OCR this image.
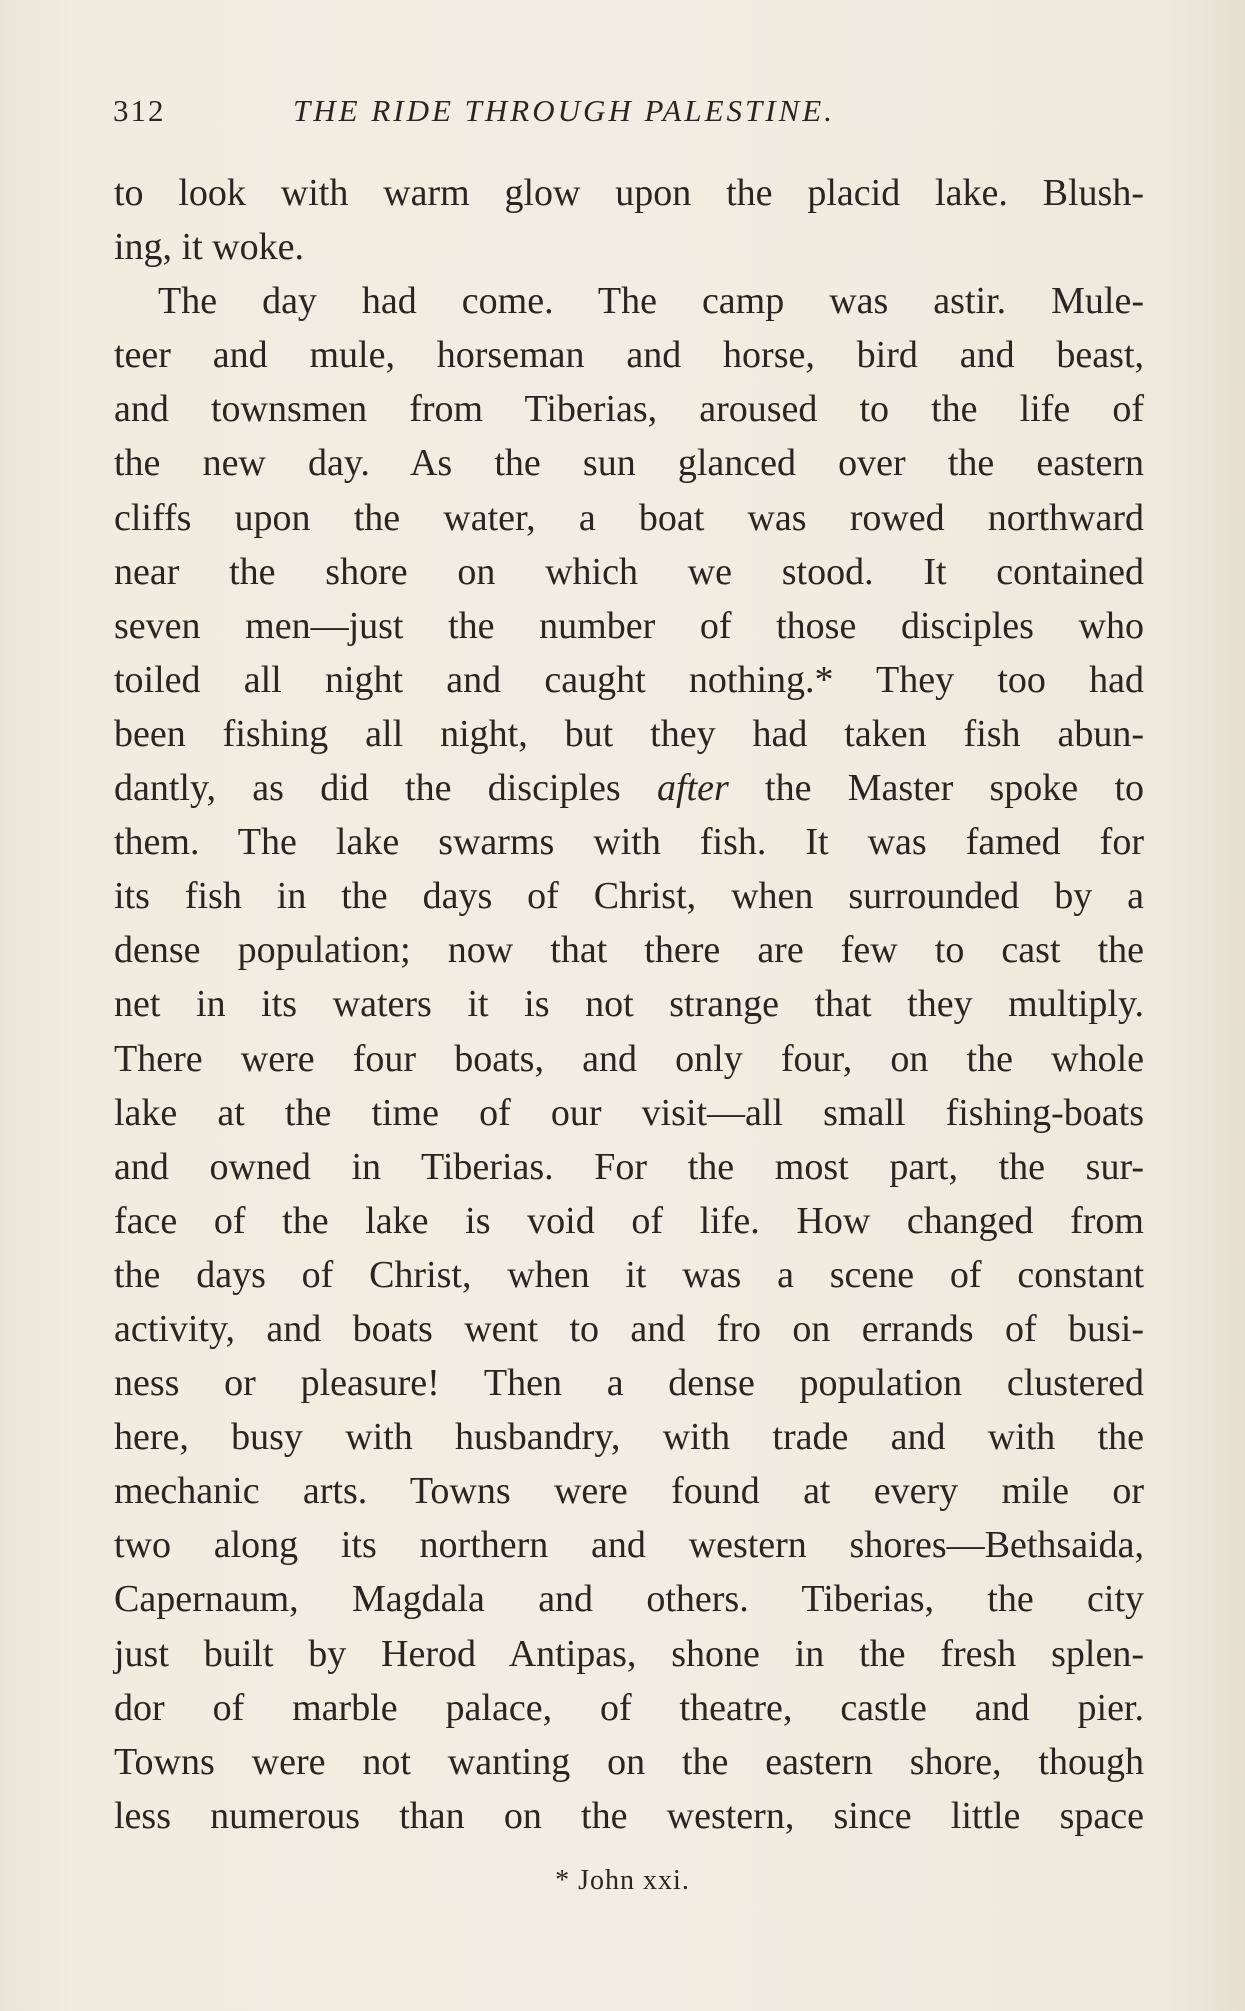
312	THE RIDE THROUGH PALESTINE.
to look with warm glow upon the placid lake. Blush-
ing, it woke.
The day had come. The camp was astir. Mule-
teer and mule, horseman and horse, bird and beast,
and townsmen from Tiberias, aroused to the life of
the new day. As the sun glanced over the eastern
cliffs upon the water, a boat was rowed northward
near the shore on which we stood. It contained
seven men—just the number of those disciples who
toiled all night and caught nothing.* They too had
been fishing all night, but they had taken fish abun-
dantly, as did the disciples after the Master spoke to
them. The lake swarms with fish. It was famed for
its fish in the days of Christ, when surrounded by a
dense population; now that there are few to cast the
net in its waters it is not strange that they multiply.
There were four boats, and only four, on the whole
lake at the time of our visit—all small fishing-boats
and owned in Tiberias. For the most part, the sur-
face of the lake is void of life. How changed from
the days of Christ, when it was a scene of constant
activity, and boats went to and fro on errands of busi-
ness or pleasure! Then a dense population clustered
here, busy with husbandry, with trade and with the
mechanic arts. Towns were found at every mile or
two along its northern and western shores—Bethsaida,
Capernaum, Magdala and others. Tiberias, the city
just built by Herod Antipas, shone in the fresh splen-
dor of marble palace, of theatre, castle and pier.
Towns were not wanting on the eastern shore, though
less numerous than on the western, since little space
* John xxi.
